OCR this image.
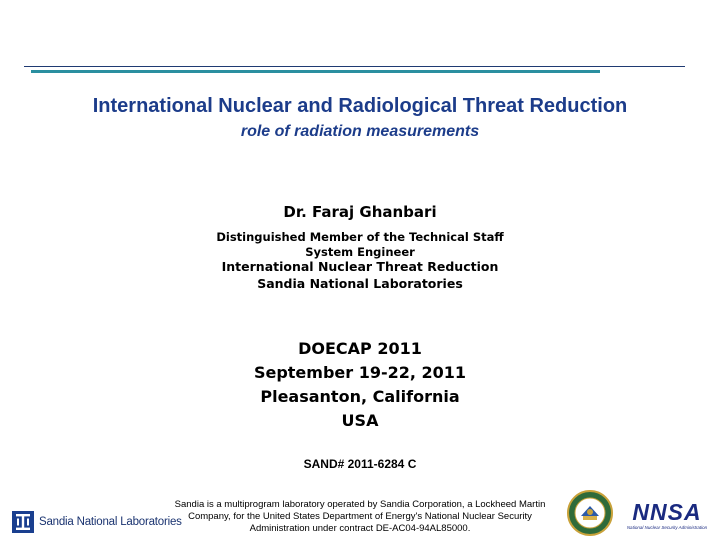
International Nuclear and Radiological Threat Reduction
role of radiation measurements
Dr. Faraj Ghanbari
Distinguished Member of the Technical Staff
System Engineer
International Nuclear Threat Reduction
Sandia National Laboratories
DOECAP 2011
September 19-22, 2011
Pleasanton, California
USA
SAND# 2011-6284 C
Sandia is a multiprogram laboratory operated by Sandia Corporation, a Lockheed Martin Company, for the United States Department of Energy's National Nuclear Security Administration under contract DE-AC04-94AL85000.
Sandia National Laboratories	NNSA
National Nuclear Security Administration
